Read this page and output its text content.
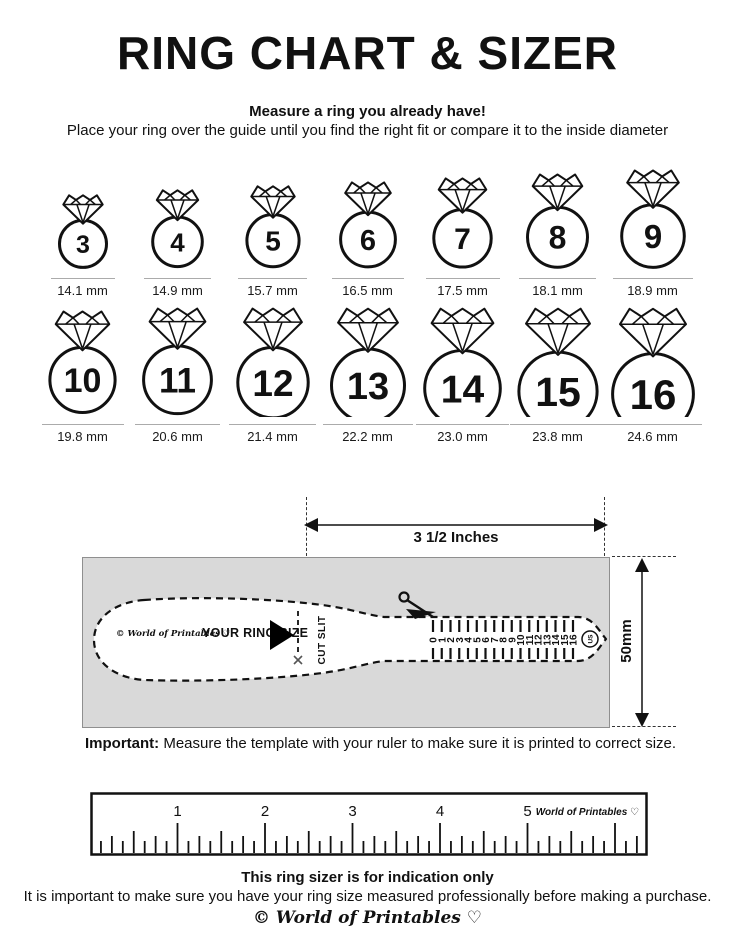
RING CHART & SIZER
Measure a ring you already have!
Place your ring over the guide until you find the right fit or compare it to the inside diameter
3
14.1 mm
4
14.9 mm
5
15.7 mm
6
16.5 mm
7
17.5 mm
8
18.1 mm
9
18.9 mm
10
19.8 mm
11
20.6 mm
12
21.4 mm
13
22.2 mm
14
23.0 mm
15
23.8 mm
16
24.6 mm
3 1/2 Inches
0
1
2
3
4
5
6
7
8
9
10
11
12
13
14
15
16 US
CUT SLIT
© World of Printables ♡
YOUR RING SIZE	50mm
Important: Measure the template with your ruler to make sure it is printed to correct size.
1	2	3	4	5 World of Printables ♡
This ring sizer is for indication only
It is important to make sure you have your ring size measured professionally before making a purchase.
© World of Printables ♡
